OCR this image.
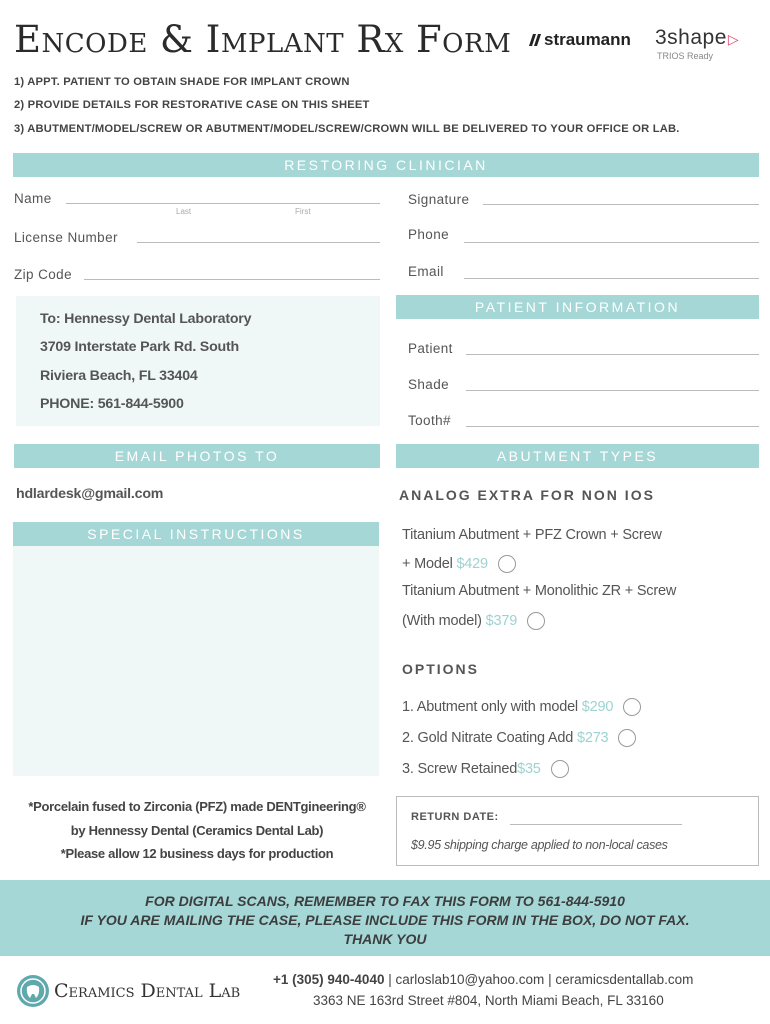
Encode & Implant Rx Form straumann 3shape▷
TRIOS Ready
1) APPT. PATIENT TO OBTAIN SHADE FOR IMPLANT CROWN
2) PROVIDE DETAILS FOR RESTORATIVE CASE ON THIS SHEET
3) ABUTMENT/MODEL/SCREW OR ABUTMENT/MODEL/SCREW/CROWN WILL BE DELIVERED TO YOUR OFFICE OR LAB.
RESTORING CLINICIAN
Name
Last	First
License Number
Zip Code
Signature
Phone
Email
To: Hennessy Dental Laboratory
3709 Interstate Park Rd. South
Riviera Beach, FL 33404
PHONE: 561-844-5900
PATIENT INFORMATION
Patient
Shade
Tooth#
EMAIL PHOTOS TO
hdlardesk@gmail.com
SPECIAL INSTRUCTIONS
ABUTMENT TYPES
ANALOG EXTRA FOR NON IOS
Titanium Abutment + PFZ Crown + Screw
+ Model $429
Titanium Abutment + Monolithic ZR + Screw
(With model) $379
OPTIONS
1. Abutment only with model $290
2. Gold Nitrate Coating Add $273
3. Screw Retained$35
*Porcelain fused to Zirconia (PFZ) made DENTgineering®
by Hennessy Dental (Ceramics Dental Lab)
*Please allow 12 business days for production
RETURN DATE:
$9.95 shipping charge applied to non-local cases
FOR DIGITAL SCANS, REMEMBER TO FAX THIS FORM TO 561-844-5910
IF YOU ARE MAILING THE CASE, PLEASE INCLUDE THIS FORM IN THE BOX, DO NOT FAX.
THANK YOU
Ceramics Dental Lab
+1 (305) 940-4040 | carloslab10@yahoo.com | ceramicsdentallab.com
3363 NE 163rd Street #804, North Miami Beach, FL 33160
